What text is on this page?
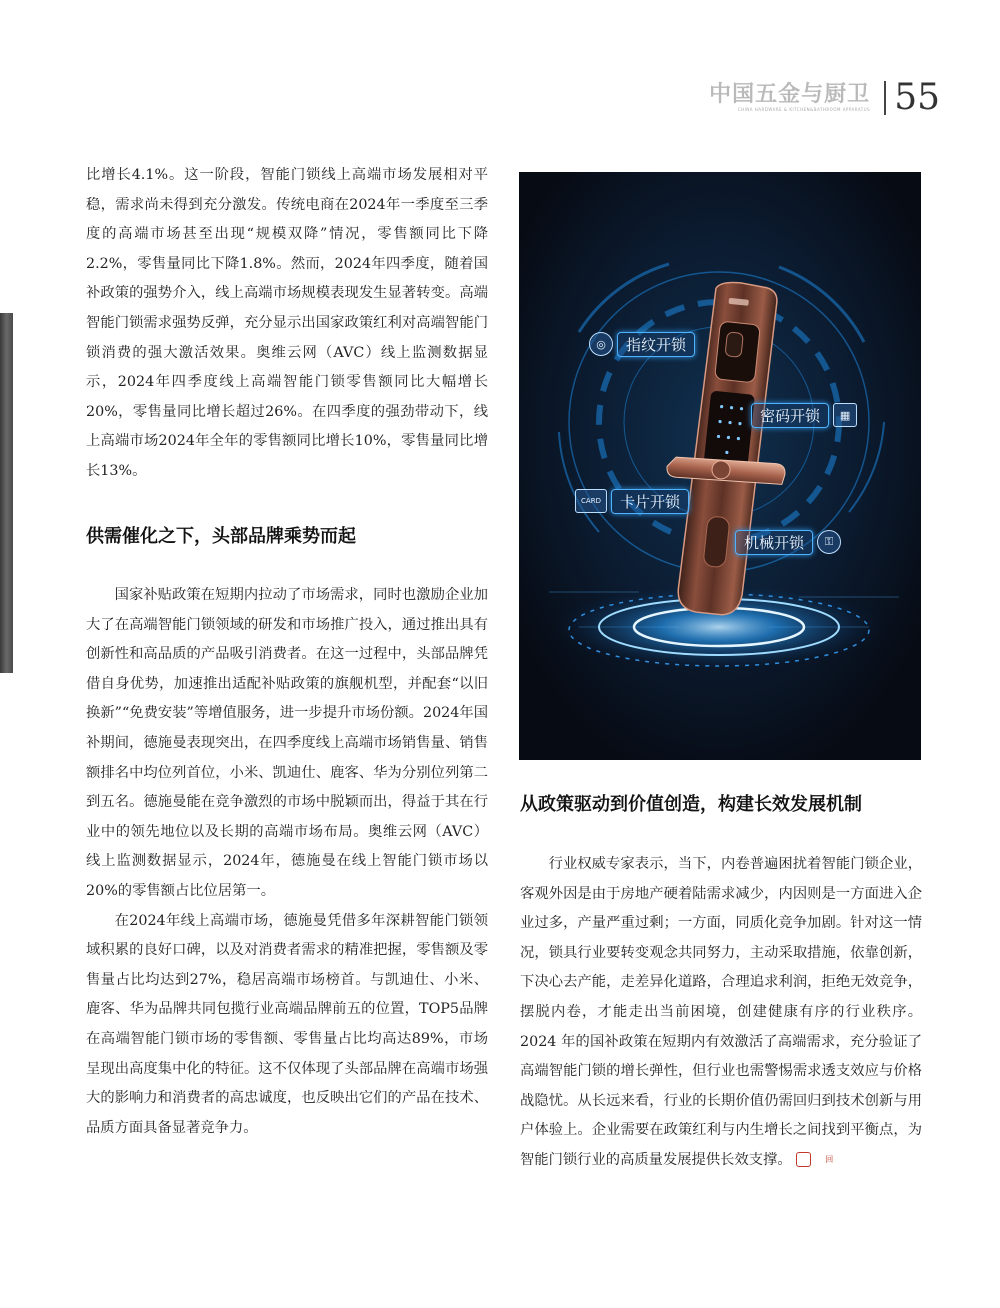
中国五金与厨卫
CHINA HARDWARE & KITCHEN&BATHROOM APPARATUS 55

比增长4.1%。这一阶段，智能门锁线上高端市场发展相对平稳，需求尚未得到充分激发。传统电商在2024年一季度至三季度的高端市场甚至出现“规模双降”情况，零售额同比下降2.2%，零售量同比下降1.8%。然而，2024年四季度，随着国补政策的强势介入，线上高端市场规模表现发生显著转变。高端智能门锁需求强势反弹，充分显示出国家政策红利对高端智能门锁消费的强大激活效果。奥维云网（AVC）线上监测数据显示，2024年四季度线上高端智能门锁零售额同比大幅增长20%，零售量同比增长超过26%。在四季度的强劲带动下，线上高端市场2024年全年的零售额同比增长10%，零售量同比增长13%。

供需催化之下，头部品牌乘势而起

国家补贴政策在短期内拉动了市场需求，同时也激励企业加大了在高端智能门锁领域的研发和市场推广投入，通过推出具有创新性和高品质的产品吸引消费者。在这一过程中，头部品牌凭借自身优势，加速推出适配补贴政策的旗舰机型，并配套“以旧换新”“免费安装”等增值服务，进一步提升市场份额。2024年国补期间，德施曼表现突出，在四季度线上高端市场销售量、销售额排名中均位列首位，小米、凯迪仕、鹿客、华为分别位列第二到五名。德施曼能在竞争激烈的市场中脱颖而出，得益于其在行业中的领先地位以及长期的高端市场布局。奥维云网（AVC）线上监测数据显示，2024年，德施曼在线上智能门锁市场以20%的零售额占比位居第一。

在2024年线上高端市场，德施曼凭借多年深耕智能门锁领域积累的良好口碑，以及对消费者需求的精准把握，零售额及零售量占比均达到27%，稳居高端市场榜首。与凯迪仕、小米、鹿客、华为品牌共同包揽行业高端品牌前五的位置，TOP5品牌在高端智能门锁市场的零售额、零售量占比均高达89%，市场呈现出高度集中化的特征。这不仅体现了头部品牌在高端市场强大的影响力和消费者的高忠诚度，也反映出它们的产品在技术、品质方面具备显著竞争力。

◎	指纹开锁
密码开锁	▦
CARD	卡片开锁
机械开锁	⚿
从政策驱动到价值创造，构建长效发展机制

行业权威专家表示，当下，内卷普遍困扰着智能门锁企业，客观外因是由于房地产硬着陆需求减少，内因则是一方面进入企业过多，产量严重过剩；一方面，同质化竞争加剧。针对这一情况，锁具行业要转变观念共同努力，主动采取措施，依靠创新，下决心去产能，走差异化道路，合理追求利润，拒绝无效竞争，摆脱内卷，才能走出当前困境，创建健康有序的行业秩序。2024 年的国补政策在短期内有效激活了高端需求，充分验证了高端智能门锁的增长弹性，但行业也需警惕需求透支效应与价格战隐忧。从长远来看，行业的长期价值仍需回归到技术创新与用户体验上。企业需要在政策红利与内生增长之间找到平衡点，为智能门锁行业的高质量发展提供长效支撑。	回
